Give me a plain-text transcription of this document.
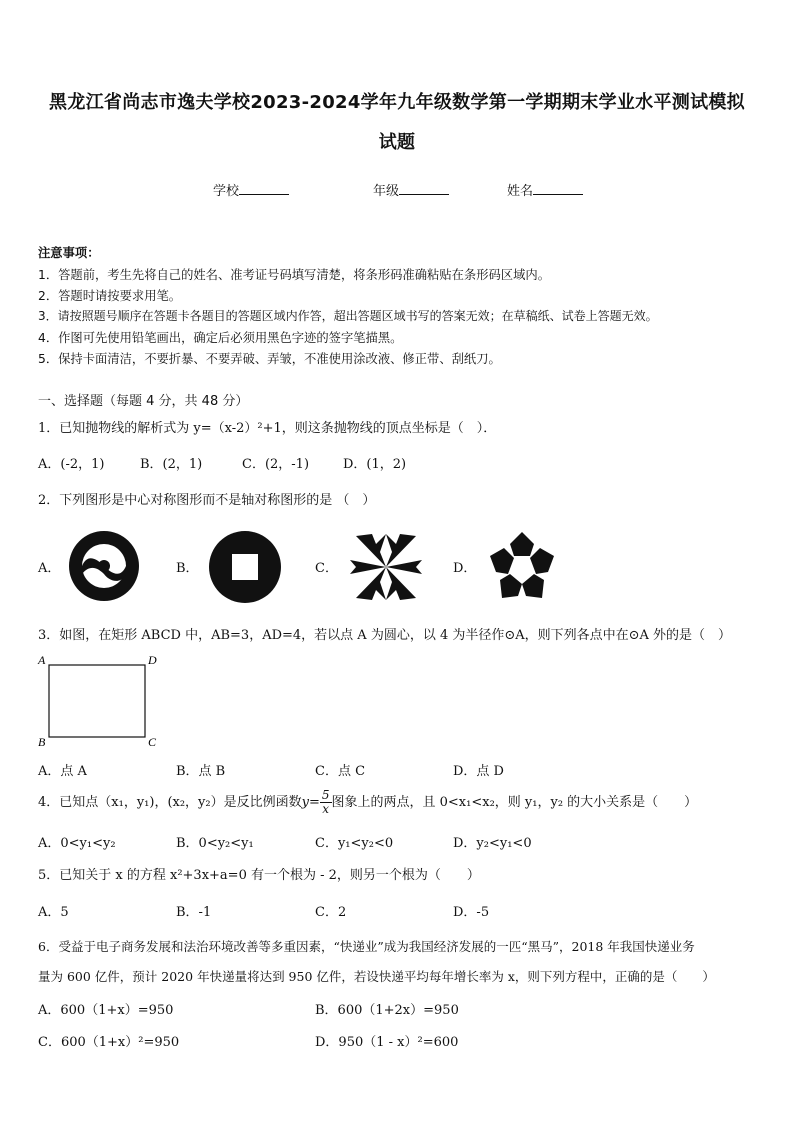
黑龙江省尚志市逸夫学校2023-2024学年九年级数学第一学期期末学业水平测试模拟
试题
学校	年级	姓名
注意事项：
1．答题前，考生先将自己的姓名、准考证号码填写清楚，将条形码准确粘贴在条形码区域内。
2．答题时请按要求用笔。
3．请按照题号顺序在答题卡各题目的答题区域内作答，超出答题区域书写的答案无效；在草稿纸、试卷上答题无效。
4．作图可先使用铅笔画出，确定后必须用黑色字迹的签字笔描黑。
5．保持卡面清洁，不要折暴、不要弄破、弄皱，不准使用涂改液、修正带、刮纸刀。
一、选择题（每题 4 分，共 48 分）
1．已知抛物线的解析式为 y=（x-2）²+1，则这条抛物线的顶点坐标是（　）．
A．(-2，1)	B．(2，1)	C．(2，-1)	D．(1，2)
2．下列图形是中心对称图形而不是轴对称图形的是 （　）
A．	B．	C．	D．
3．如图，在矩形 ABCD 中，AB=3，AD=4，若以点 A 为圆心，以 4 为半径作⊙A，则下列各点中在⊙A 外的是（　）
A	D
B	C
A．点 A	B．点 B	C．点 C	D．点 D
4．已知点（x₁，y₁)，(x₂，y₂）是反比例函数$y= \frac{5}{x}$ 图象上的两点，且 0<x₁<x₂，则 y₁，y₂ 的大小关系是（　　）
A．0<y₁<y₂	B．0<y₂<y₁	C．y₁<y₂<0	D．y₂<y₁<0
5．已知关于 x 的方程 x²+3x+a=0 有一个根为 - 2，则另一个根为（　　）
A．5	B．-1	C．2	D．-5
6．受益于电子商务发展和法治环境改善等多重因素，“快递业”成为我国经济发展的一匹“黑马”，2018 年我国快递业务
量为 600 亿件，预计 2020 年快递量将达到 950 亿件，若设快递平均每年增长率为 x，则下列方程中，正确的是（　　）
A．600（1+x）=950	B．600（1+2x）=950
C．600（1+x）²=950	D．950（1 - x）²=600
